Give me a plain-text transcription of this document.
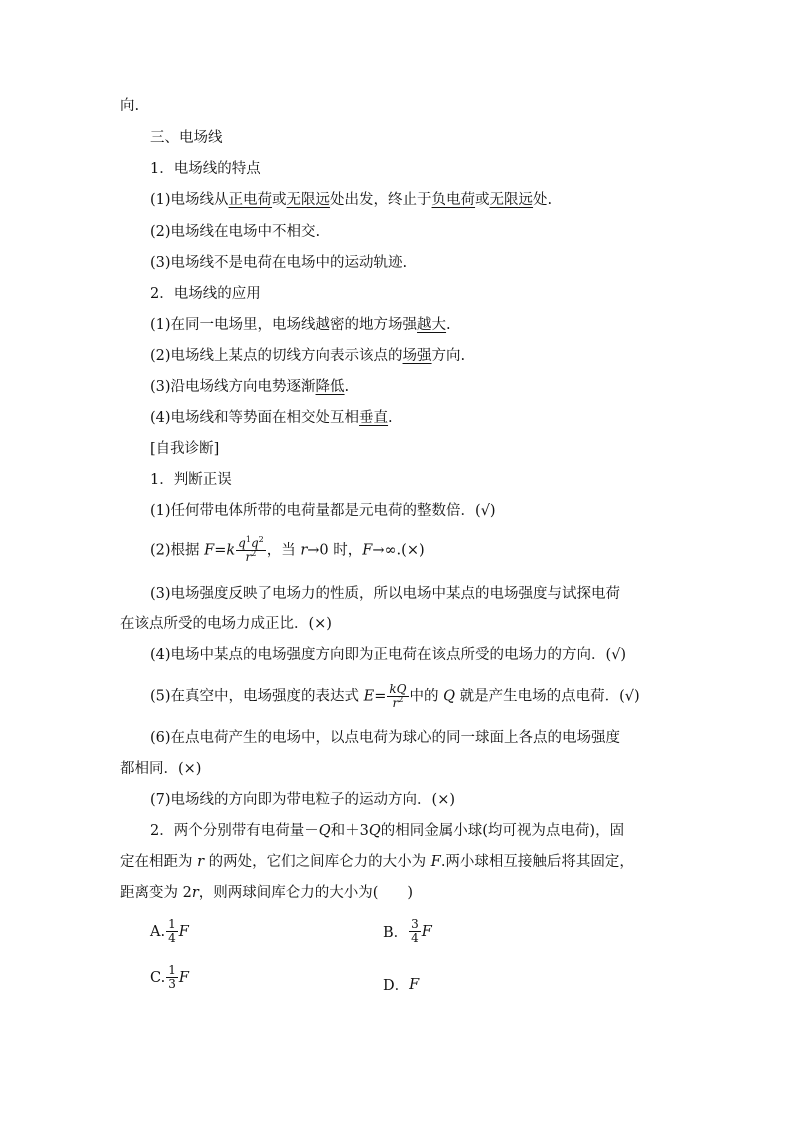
向.
三、电场线
1．电场线的特点
(1)电场线从正电荷或无限远处出发，终止于负电荷或无限远处.
(2)电场线在电场中不相交.
(3)电场线不是电荷在电场中的运动轨迹.
2．电场线的应用
(1)在同一电场里，电场线越密的地方场强越大.
(2)电场线上某点的切线方向表示该点的场强方向.
(3)沿电场线方向电势逐渐降低.
(4)电场线和等势面在相交处互相垂直.
[自我诊断]
1．判断正误
(1)任何带电体所带的电荷量都是元电荷的整数倍．(√)
(2)根据 $F=k \frac{q^1q^2}{r^2}$ ，当 r→0 时，F→∞.(×)
(3)电场强度反映了电场力的性质，所以电场中某点的电场强度与试探电荷
在该点所受的电场力成正比．(×)
(4)电场中某点的电场强度方向即为正电荷在该点所受的电场力的方向．(√)
(5)在真空中，电场强度的表达式 $E= \frac{kQ}{r^2}$ 中的 Q 就是产生电场的点电荷．(√)
(6)在点电荷产生的电场中，以点电荷为球心的同一球面上各点的电场强度
都相同．(×)
(7)电场线的方向即为带电粒子的运动方向．(×)
2．两个分别带有电荷量－Q和＋3Q的相同金属小球(均可视为点电荷)，固
定在相距为 r 的两处，它们之间库仑力的大小为 F.两小球相互接触后将其固定，
距离变为 2r，则两球间库仑力的大小为(　　)
A. $\frac{1}{4}$ F	B． $\frac{3}{4}$ F
C. $\frac{1}{3}$ F
D． F
